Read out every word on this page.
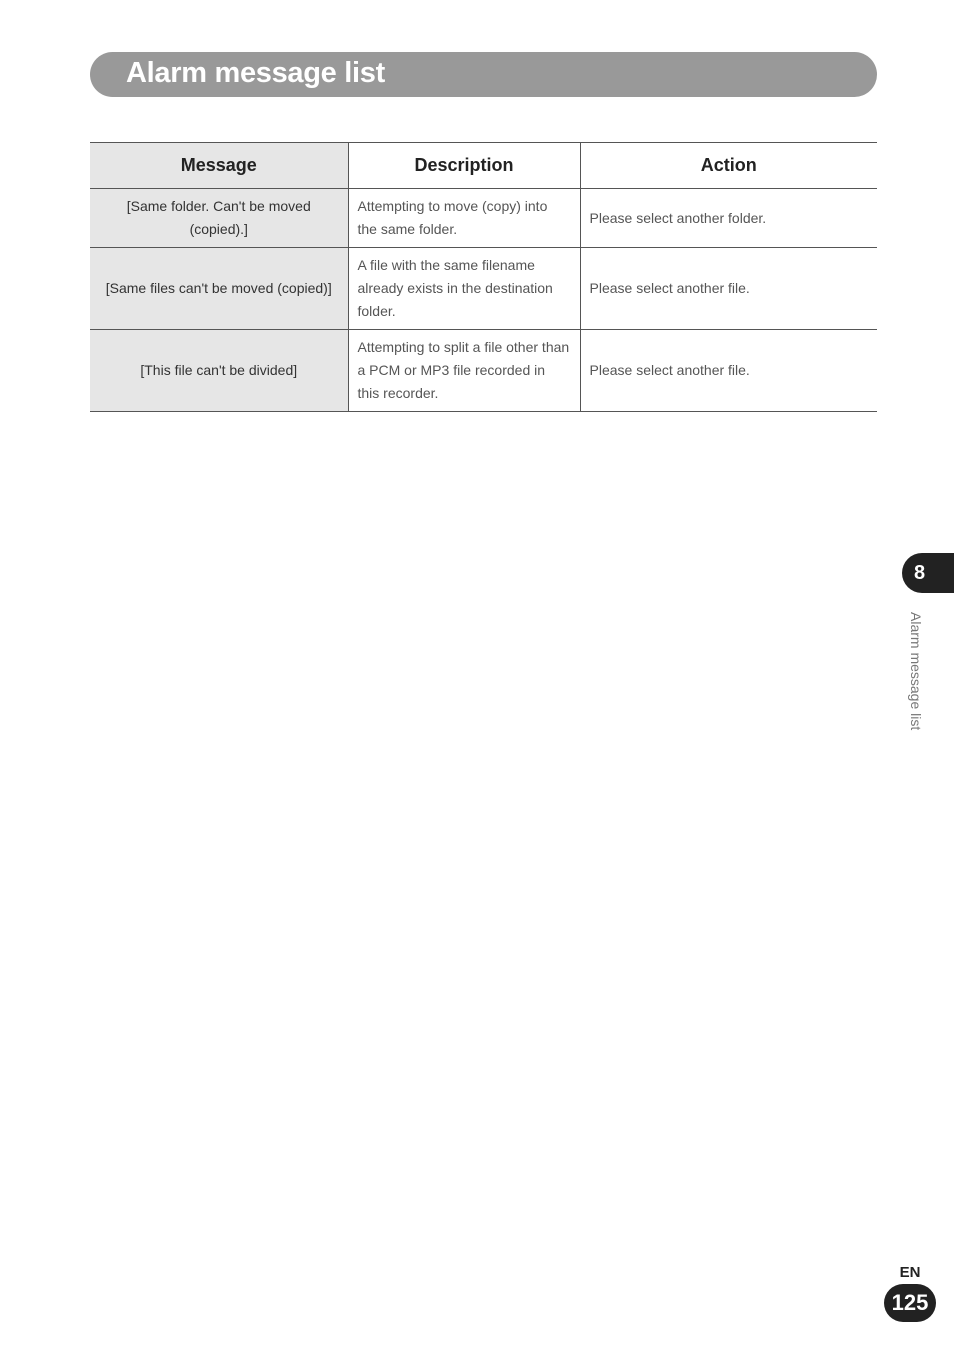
Alarm message list
Message	Description	Action
[Same folder. Can't be moved (copied).]	Attempting to move (copy) into the same folder.	Please select another folder.
[Same files can't be moved (copied)]	A file with the same filename already exists in the destination folder.	Please select another file.
[This file can't be divided]	Attempting to split a file other than a PCM or MP3 file recorded in this recorder.	Please select another file.
8
Alarm message list
EN
125
